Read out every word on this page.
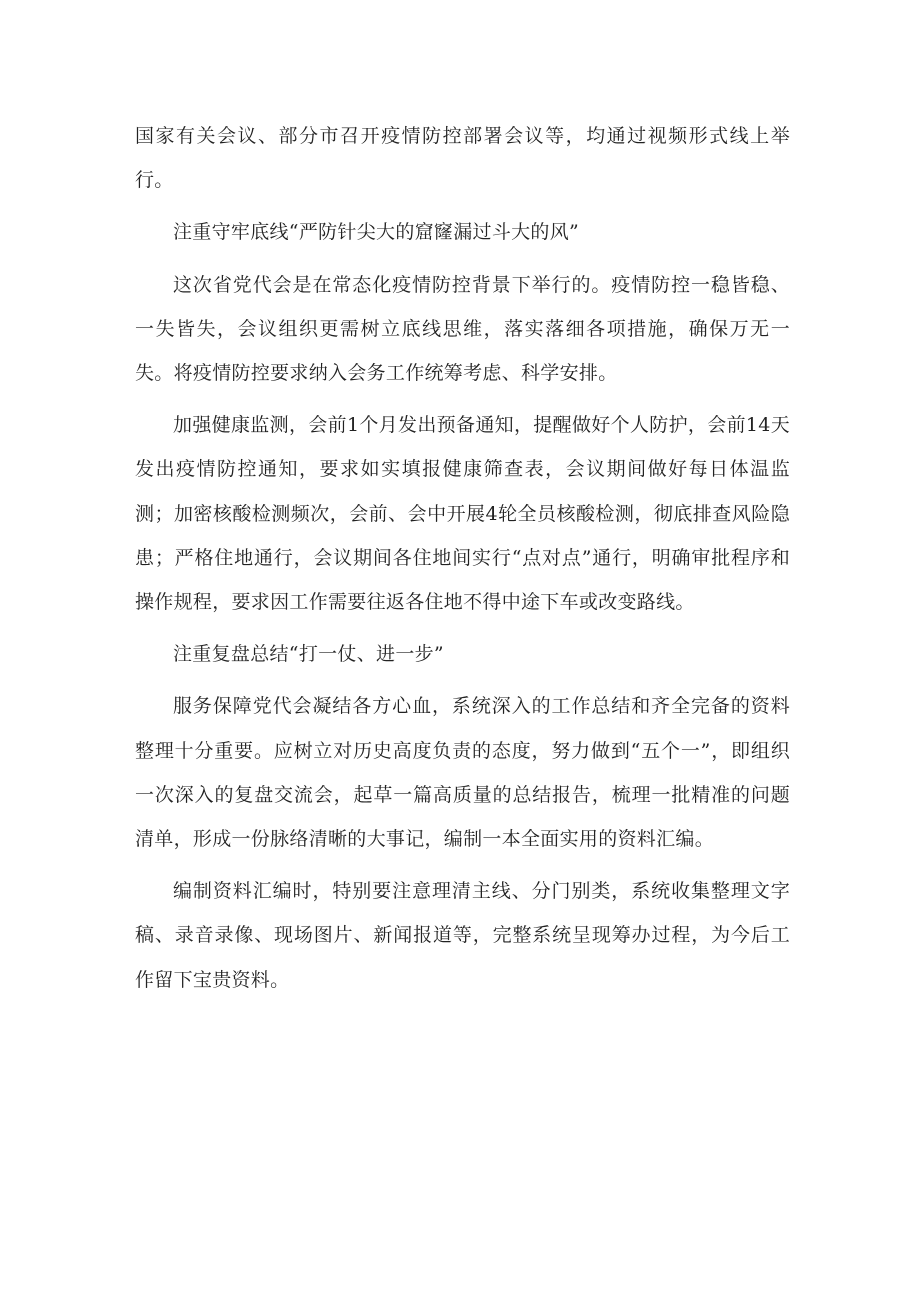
国家有关会议、部分市召开疫情防控部署会议等，均通过视频形式线上举行。

注重守牢底线“严防针尖大的窟窿漏过斗大的风”

这次省党代会是在常态化疫情防控背景下举行的。疫情防控一稳皆稳、一失皆失，会议组织更需树立底线思维，落实落细各项措施，确保万无一失。将疫情防控要求纳入会务工作统筹考虑、科学安排。

加强健康监测，会前1个月发出预备通知，提醒做好个人防护，会前14天发出疫情防控通知，要求如实填报健康筛查表，会议期间做好每日体温监测；加密核酸检测频次，会前、会中开展4轮全员核酸检测，彻底排查风险隐患；严格住地通行，会议期间各住地间实行“点对点”通行，明确审批程序和操作规程，要求因工作需要往返各住地不得中途下车或改变路线。

注重复盘总结“打一仗、进一步”

服务保障党代会凝结各方心血，系统深入的工作总结和齐全完备的资料整理十分重要。应树立对历史高度负责的态度，努力做到“五个一”，即组织一次深入的复盘交流会，起草一篇高质量的总结报告，梳理一批精准的问题清单，形成一份脉络清晰的大事记，编制一本全面实用的资料汇编。

编制资料汇编时，特别要注意理清主线、分门别类，系统收集整理文字稿、录音录像、现场图片、新闻报道等，完整系统呈现筹办过程，为今后工作留下宝贵资料。
